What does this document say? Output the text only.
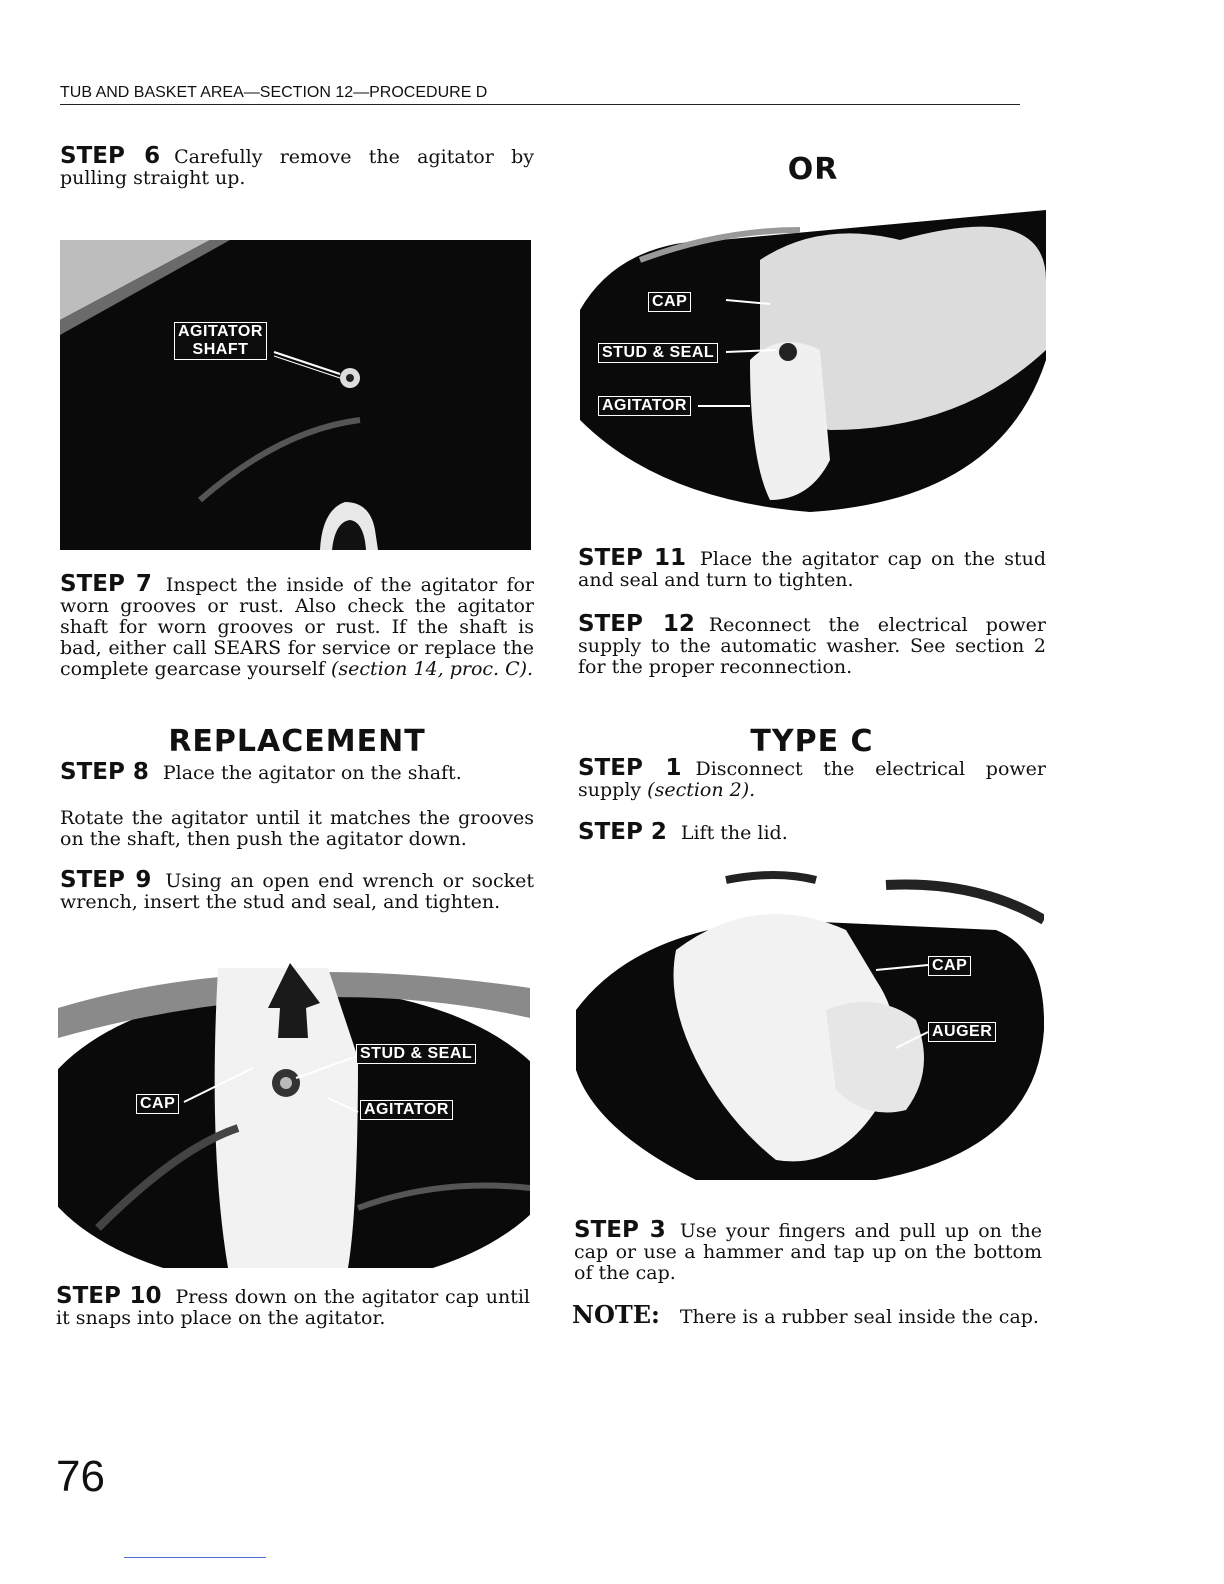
TUB AND BASKET AREA—SECTION 12—PROCEDURE D

STEP 6 Carefully remove the agitator by pulling straight up.

AGITATOR
SHAFT

STEP 7 Inspect the inside of the agitator for worn grooves or rust. Also check the agitator shaft for worn grooves or rust. If the shaft is bad, either call SEARS for service or replace the complete gearcase yourself (section 14, proc. C).

REPLACEMENT

STEP 8 Place the agitator on the shaft.

Rotate the agitator until it matches the grooves on the shaft, then push the agitator down.

STEP 9 Using an open end wrench or socket wrench, insert the stud and seal, and tighten.

STUD & SEAL
CAP	AGITATOR

STEP 10 Press down on the agitator cap until it snaps into place on the agitator.

OR
CAP
STUD & SEAL
AGITATOR

STEP 11 Place the agitator cap on the stud and seal and turn to tighten.

STEP 12 Reconnect the electrical power supply to the automatic washer. See section 2 for the proper reconnection.

TYPE C

STEP 1 Disconnect the electrical power supply (section 2).

STEP 2 Lift the lid.

CAP
AUGER

STEP 3 Use your fingers and pull up on the cap or use a hammer and tap up on the bottom of the cap.

NOTE: There is a rubber seal inside the cap.

76
